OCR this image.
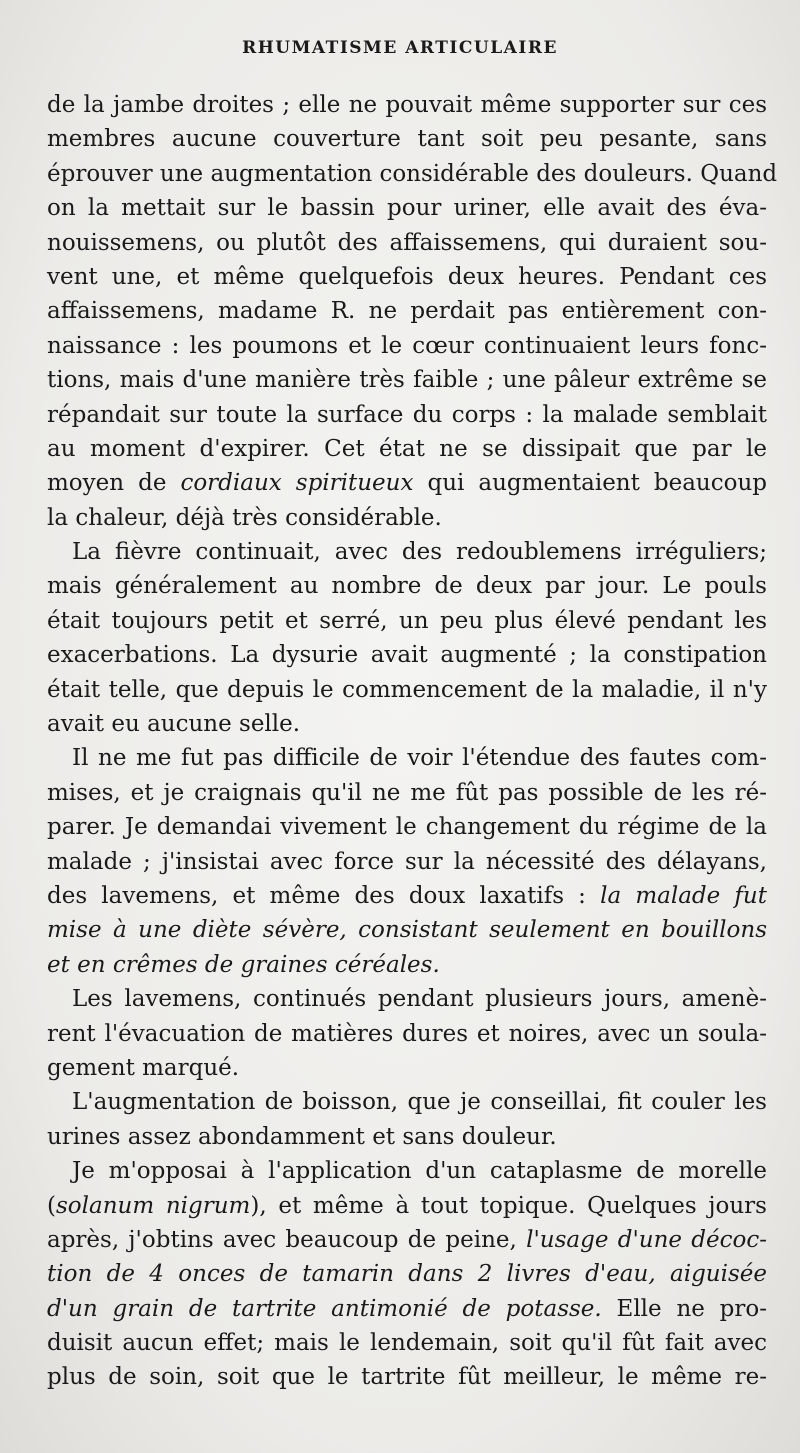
RHUMATISME ARTICULAIRE
de la jambe droites ; elle ne pouvait même supporter sur ces
membres aucune couverture tant soit peu pesante, sans
éprouver une augmentation considérable des douleurs. Quand
on la mettait sur le bassin pour uriner, elle avait des éva-
nouissemens, ou plutôt des affaissemens, qui duraient sou-
vent une, et même quelquefois deux heures. Pendant ces
affaissemens, madame R. ne perdait pas entièrement con-
naissance : les poumons et le cœur continuaient leurs fonc-
tions, mais d'une manière très faible ; une pâleur extrême se
répandait sur toute la surface du corps : la malade semblait
au moment d'expirer. Cet état ne se dissipait que par le
moyen de cordiaux spiritueux qui augmentaient beaucoup
la chaleur, déjà très considérable.
La fièvre continuait, avec des redoublemens irréguliers;
mais généralement au nombre de deux par jour. Le pouls
était toujours petit et serré, un peu plus élevé pendant les
exacerbations. La dysurie avait augmenté ; la constipation
était telle, que depuis le commencement de la maladie, il n'y
avait eu aucune selle.
Il ne me fut pas difficile de voir l'étendue des fautes com-
mises, et je craignais qu'il ne me fût pas possible de les ré-
parer. Je demandai vivement le changement du régime de la
malade ; j'insistai avec force sur la nécessité des délayans,
des lavemens, et même des doux laxatifs : la malade fut
mise à une diète sévère, consistant seulement en bouillons
et en crêmes de graines céréales.
Les lavemens, continués pendant plusieurs jours, amenè-
rent l'évacuation de matières dures et noires, avec un soula-
gement marqué.
L'augmentation de boisson, que je conseillai, fit couler les
urines assez abondamment et sans douleur.
Je m'opposai à l'application d'un cataplasme de morelle
(solanum nigrum), et même à tout topique. Quelques jours
après, j'obtins avec beaucoup de peine, l'usage d'une décoc-
tion de 4 onces de tamarin dans 2 livres d'eau, aiguisée
d'un grain de tartrite antimonié de potasse. Elle ne pro-
duisit aucun effet; mais le lendemain, soit qu'il fût fait avec
plus de soin, soit que le tartrite fût meilleur, le même re-
